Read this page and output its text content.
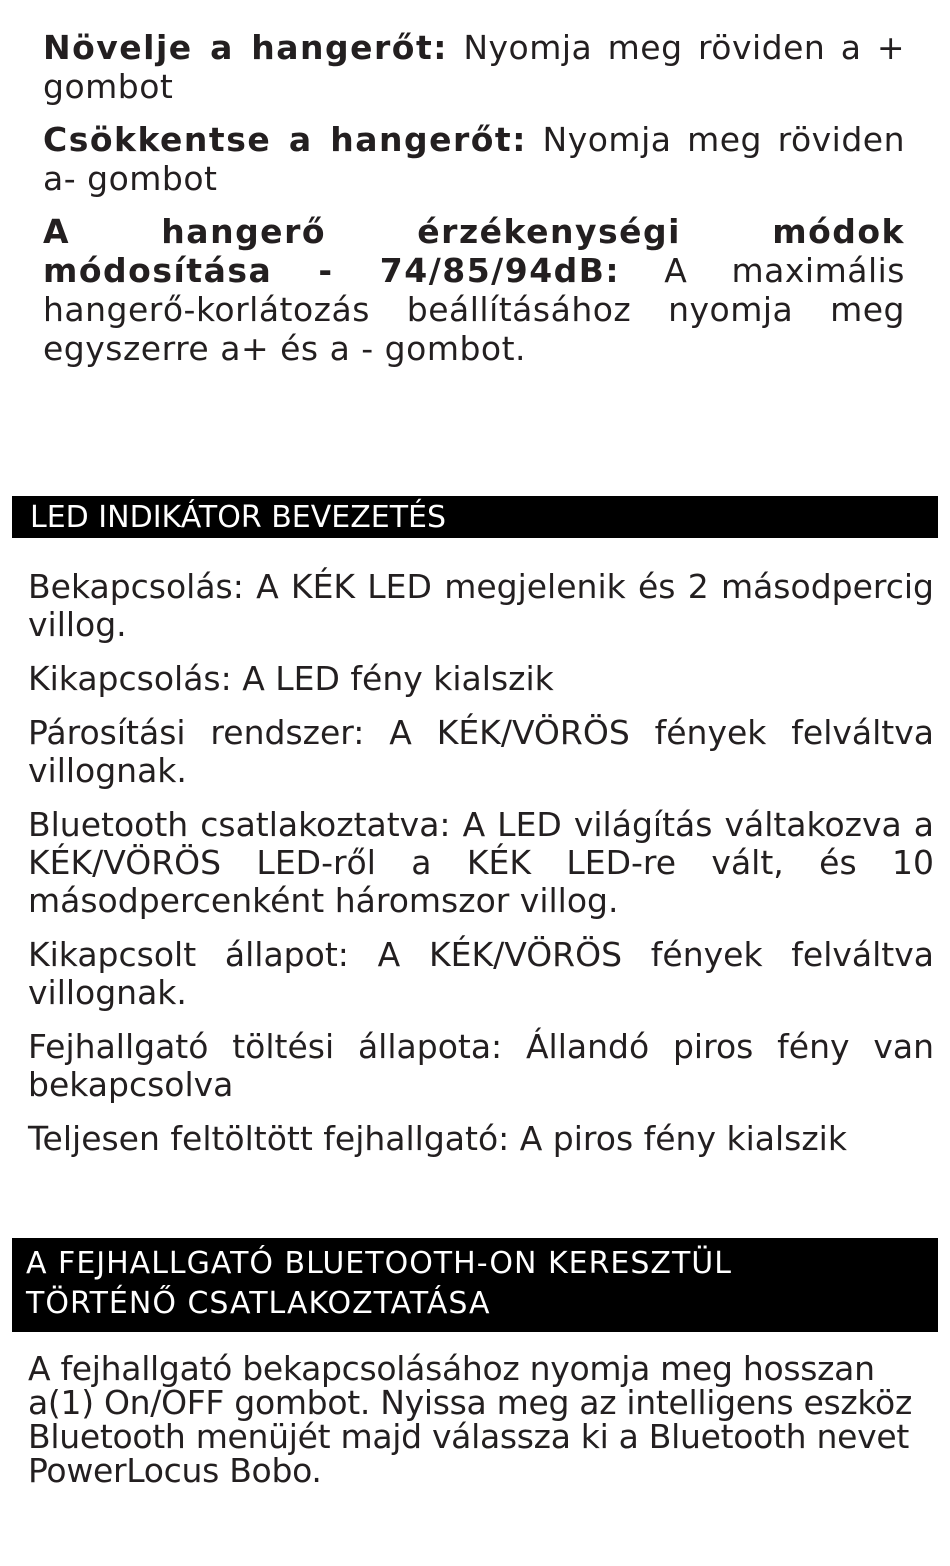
Növelje a hangerőt: Nyomja meg röviden a + gombot

Csökkentse a hangerőt: Nyomja meg röviden a- gombot

A hangerő érzékenységi módok módosítása - 74/85/94dB: A maximális hangerő-korlátozás beállításához nyomja meg egyszerre a+ és a - gombot.

LED INDIKÁTOR BEVEZETÉS

Bekapcsolás: A KÉK LED megjelenik és 2 másodpercig villog.

Kikapcsolás: A LED fény kialszik

Párosítási rendszer: A KÉK/VÖRÖS fények felváltva villognak.

Bluetooth csatlakoztatva: A LED világítás váltakozva a KÉK/VÖRÖS LED-ről a KÉK LED-re vált, és 10 másodpercenként háromszor villog.

Kikapcsolt állapot: A KÉK/VÖRÖS fények felváltva villognak.

Fejhallgató töltési állapota: Állandó piros fény van bekapcsolva

Teljesen feltöltött fejhallgató: A piros fény kialszik

A FEJHALLGATÓ BLUETOOTH-ON KERESZTÜL
TÖRTÉNŐ CSATLAKOZTATÁSA

A fejhallgató bekapcsolásához nyomja meg hosszan a(1) On/OFF gombot. Nyissa meg az intelligens eszköz Bluetooth menüjét majd válassza ki a Bluetooth nevet PowerLocus Bobo.
